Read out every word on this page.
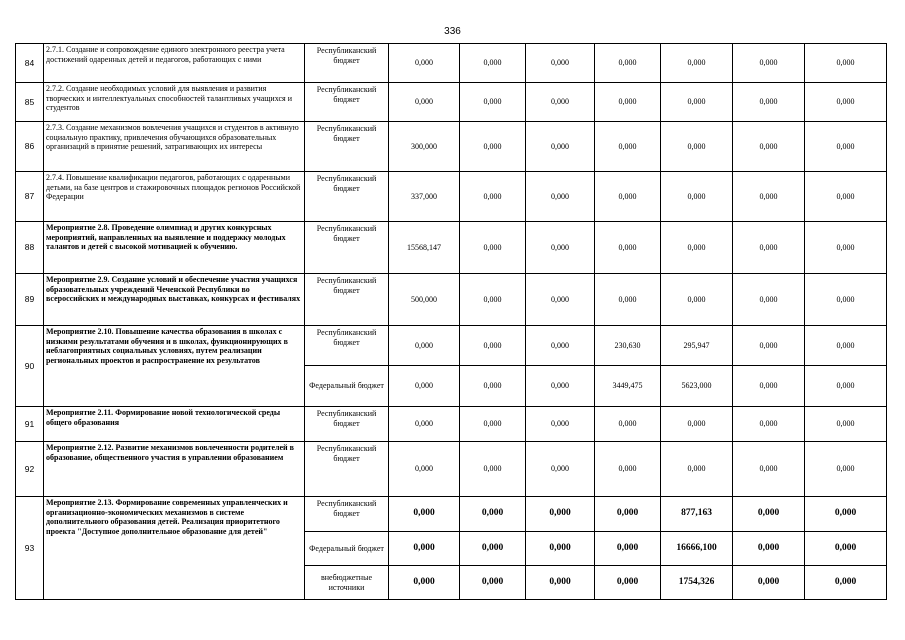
336
84	2.7.1. Создание и сопровождение единого электронного реестра учета достижений одаренных детей и педагогов, работающих с ними	Республиканский бюджет	0,000	0,000	0,000	0,000	0,000	0,000	0,000
85	2.7.2. Создание необходимых условий для выявления и развития творческих и интеллектуальных способностей талантливых учащихся и студентов	Республиканский бюджет	0,000	0,000	0,000	0,000	0,000	0,000	0,000
86	2.7.3. Создание механизмов вовлечения учащихся и студентов в активную социальную практику, привлечения обучающихся образовательных организаций в принятие решений, затрагивающих их интересы	Республиканский бюджет	300,000	0,000	0,000	0,000	0,000	0,000	0,000
87	2.7.4. Повышение квалификации педагогов, работающих с одаренными детьми, на базе центров и стажировочных площадок регионов Российской Федерации	Республиканский бюджет	337,000	0,000	0,000	0,000	0,000	0,000	0,000
88	Мероприятие 2.8. Проведение олимпиад и других конкурсных мероприятий, направленных на выявление и поддержку молодых талантов и детей с высокой мотивацией к обучению.	Республиканский бюджет	15568,147	0,000	0,000	0,000	0,000	0,000	0,000
89	Мероприятие 2.9. Создание условий и обеспечение участия учащихся образовательных учреждений Чеченской Республики во всероссийских и международных выставках, конкурсах и фестивалях	Республиканский бюджет	500,000	0,000	0,000	0,000	0,000	0,000	0,000
90	Мероприятие 2.10. Повышение качества образования в школах с низкими результатами обучения и в школах, функционирующих в неблагоприятных социальных условиях, путем реализации региональных проектов и распространение их результатов	Республиканский бюджет	0,000	0,000	0,000	230,630	295,947	0,000	0,000
		Федеральный бюджет	0,000	0,000	0,000	3449,475	5623,000	0,000	0,000
91	Мероприятие 2.11. Формирование новой технологической среды общего образования	Республиканский бюджет	0,000	0,000	0,000	0,000	0,000	0,000	0,000
92	Мероприятие 2.12. Развитие механизмов вовлеченности родителей в образование, общественного участия в управлении образованием	Республиканский бюджет	0,000	0,000	0,000	0,000	0,000	0,000	0,000
93	Мероприятие 2.13. Формирование современных управленческих и организационно-экономических механизмов в системе дополнительного образования детей. Реализация приоритетного проекта "Доступное дополнительное образование для детей"	Республиканский бюджет	0,000	0,000	0,000	0,000	877,163	0,000	0,000
		Федеральный бюджет	0,000	0,000	0,000	0,000	16666,100	0,000	0,000
		внебюджетные источники	0,000	0,000	0,000	0,000	1754,326	0,000	0,000
